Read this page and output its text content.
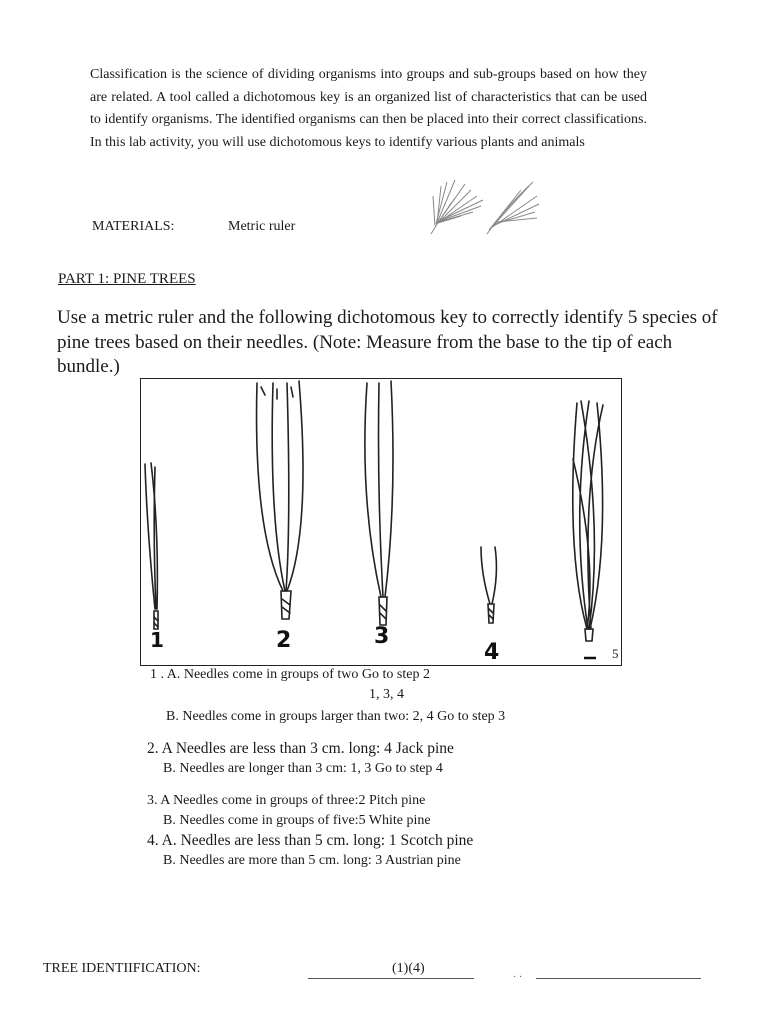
Classification is the science of dividing organisms into groups and sub-groups based on how they are related. A tool called a dichotomous key is an organized list of characteristics that can be used to identify organisms. The identified organisms can then be placed into their correct classifications. In this lab activity, you will use dichotomous keys to identify various plants and animals
MATERIALS:	Metric ruler
PART 1: PINE TREES
Use a metric ruler and the following dichotomous key to correctly identify 5 species of pine trees based on their needles. (Note: Measure from the base to the tip of each bundle.)
1	2	3
4	5
1 . A. Needles come in groups of two Go to step 2
1, 3, 4
B. Needles come in groups larger than two: 2, 4 Go to step 3
2. A Needles are less than 3 cm. long: 4 Jack pine
B. Needles are longer than 3 cm: 1, 3 Go to step 4
3. A Needles come in groups of three:2 Pitch pine
B. Needles come in groups of five:5 White pine
4. A. Needles are less than 5 cm. long: 1 Scotch pine
B. Needles are more than 5 cm. long: 3 Austrian pine
TREE IDENTIIFICATION:	(1)(4)
· ·
